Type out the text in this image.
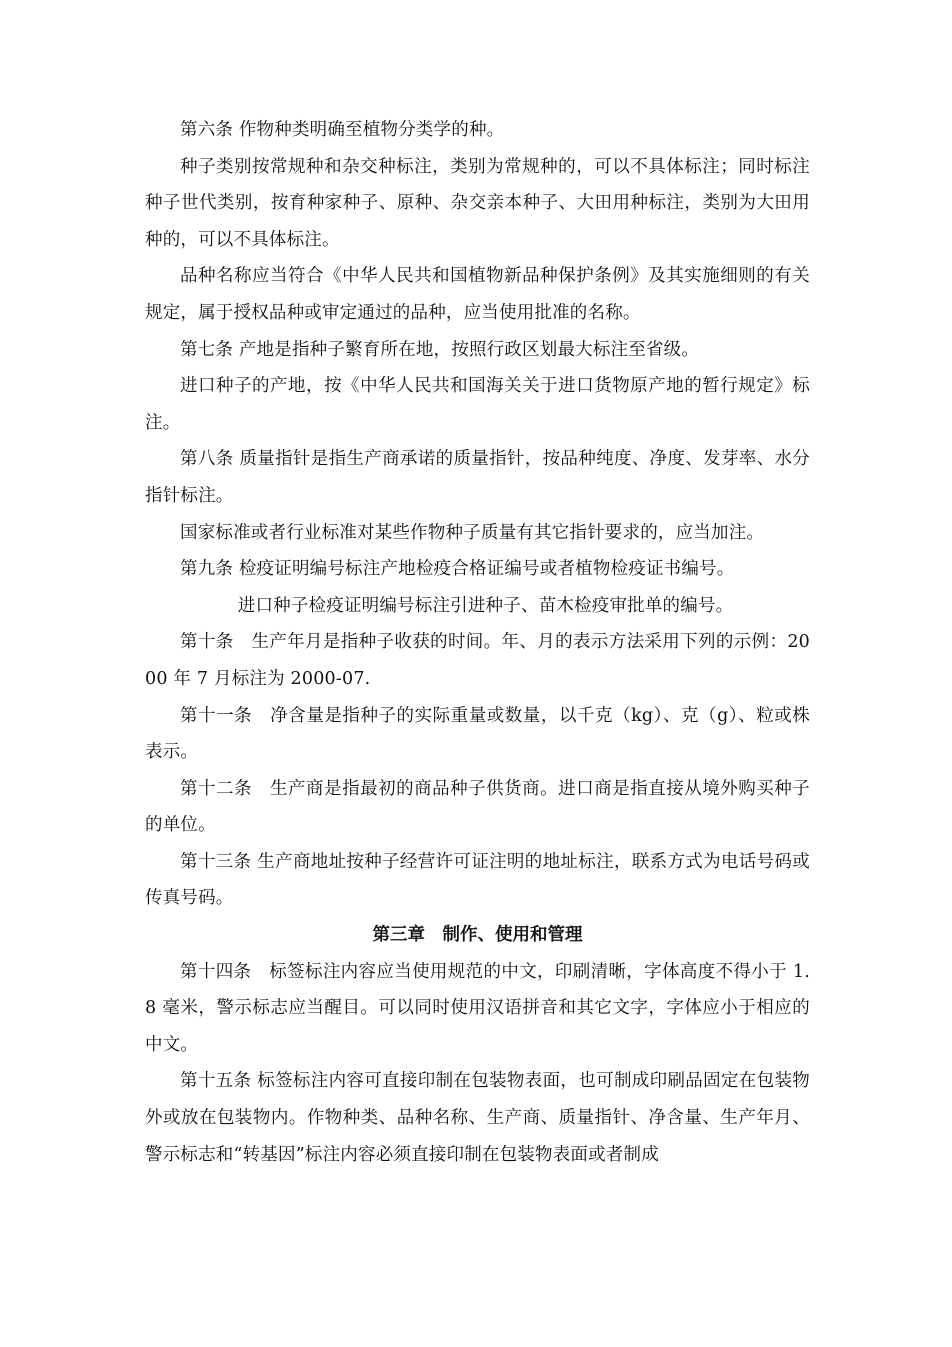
第六条 作物种类明确至植物分类学的种。

种子类别按常规种和杂交种标注，类别为常规种的，可以不具体标注；同时标注种子世代类别，按育种家种子、原种、杂交亲本种子、大田用种标注，类别为大田用种的，可以不具体标注。

品种名称应当符合《中华人民共和国植物新品种保护条例》及其实施细则的有关规定，属于授权品种或审定通过的品种，应当使用批准的名称。

第七条 产地是指种子繁育所在地，按照行政区划最大标注至省级。

进口种子的产地，按《中华人民共和国海关关于进口货物原产地的暂行规定》标注。

第八条 质量指针是指生产商承诺的质量指针，按品种纯度、净度、发芽率、水分指针标注。

国家标准或者行业标准对某些作物种子质量有其它指针要求的，应当加注。

第九条 检疫证明编号标注产地检疫合格证编号或者植物检疫证书编号。

进口种子检疫证明编号标注引进种子、苗木检疫审批单的编号。

第十条　生产年月是指种子收获的时间。年、月的表示方法采用下列的示例：2000 年 7 月标注为 2000-07.

第十一条　净含量是指种子的实际重量或数量，以千克（kg）、克（g）、粒或株表示。

第十二条　生产商是指最初的商品种子供货商。进口商是指直接从境外购买种子的单位。

第十三条 生产商地址按种子经营许可证注明的地址标注，联系方式为电话号码或传真号码。

第三章　制作、使用和管理

第十四条　标签标注内容应当使用规范的中文，印刷清晰，字体高度不得小于 1.8 毫米，警示标志应当醒目。可以同时使用汉语拼音和其它文字，字体应小于相应的中文。

第十五条 标签标注内容可直接印制在包装物表面，也可制成印刷品固定在包装物外或放在包装物内。作物种类、品种名称、生产商、质量指针、净含量、生产年月、警示标志和“转基因”标注内容必须直接印制在包装物表面或者制成
